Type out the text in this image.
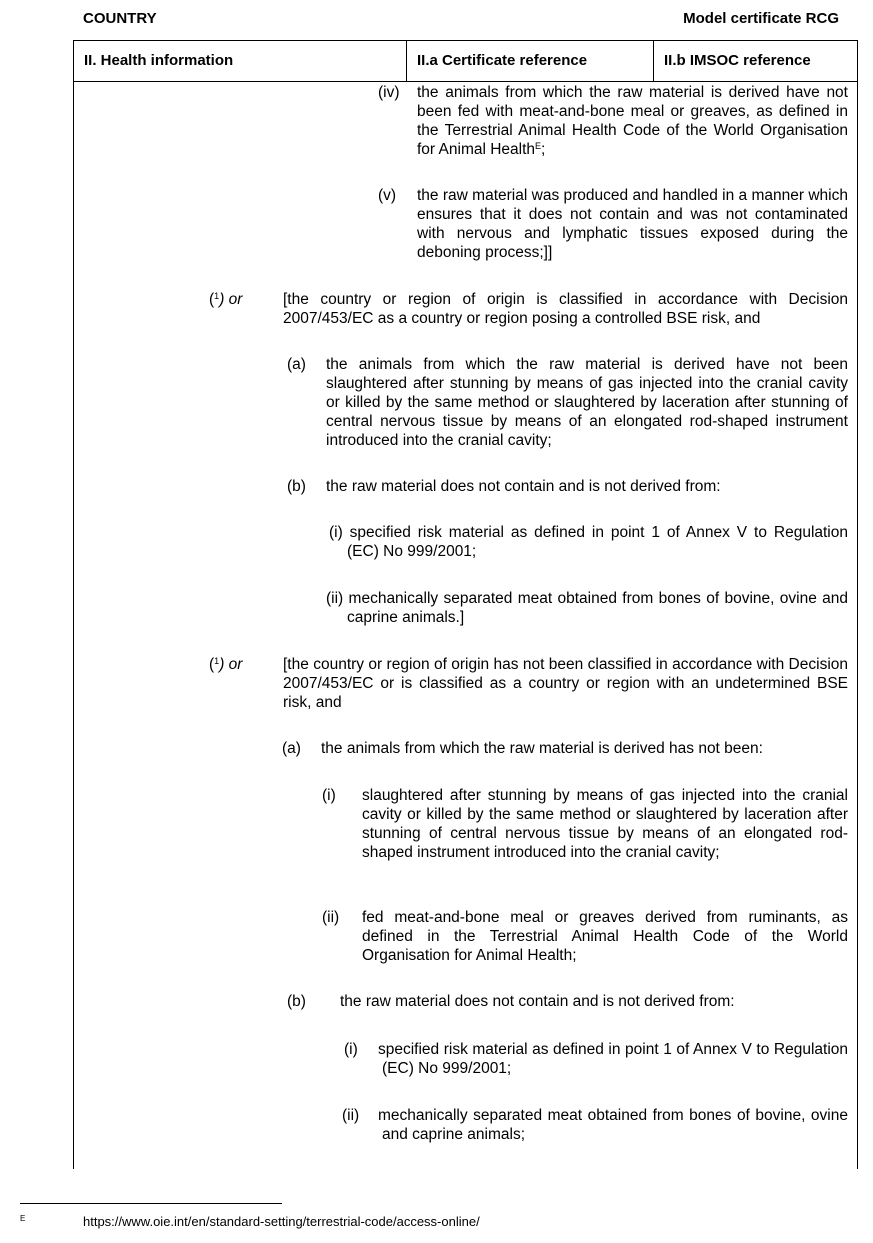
COUNTRY	Model certificate RCG
II. Health information	II.a Certificate reference	II.b IMSOC reference
(iv) the animals from which the raw material is derived have not been fed with meat-and-bone meal or greaves, as defined in the Terrestrial Animal Health Code of the World Organisation for Animal Health$^E$;
(v) the raw material was produced and handled in a manner which ensures that it does not contain and was not contaminated with nervous and lymphatic tissues exposed during the deboning process;]]
($^1$) or	[the country or region of origin is classified in accordance with Decision 2007/453/EC as a country or region posing a controlled BSE risk, and
(a) the animals from which the raw material is derived have not been slaughtered after stunning by means of gas injected into the cranial cavity or killed by the same method or slaughtered by laceration after stunning of central nervous tissue by means of an elongated rod-shaped instrument introduced into the cranial cavity;
(b) the raw material does not contain and is not derived from:
(i) specified risk material as defined in point 1 of Annex V to Regulation (EC) No 999/2001;
(ii) mechanically separated meat obtained from bones of bovine, ovine and caprine animals.]
($^1$) or	[the country or region of origin has not been classified in accordance with Decision 2007/453/EC or is classified as a country or region with an undetermined BSE risk, and
(a) the animals from which the raw material is derived has not been:
(i) slaughtered after stunning by means of gas injected into the cranial cavity or killed by the same method or slaughtered by laceration after stunning of central nervous tissue by means of an elongated rod-shaped instrument introduced into the cranial cavity;
(ii) fed meat-and-bone meal or greaves derived from ruminants, as defined in the Terrestrial Animal Health Code of the World Organisation for Animal Health;
(b) the raw material does not contain and is not derived from:
(i) specified risk material as defined in point 1 of Annex V to Regulation (EC) No 999/2001;
(ii) mechanically separated meat obtained from bones of bovine, ovine and caprine animals;
E	https://www.oie.int/en/standard-setting/terrestrial-code/access-online/
